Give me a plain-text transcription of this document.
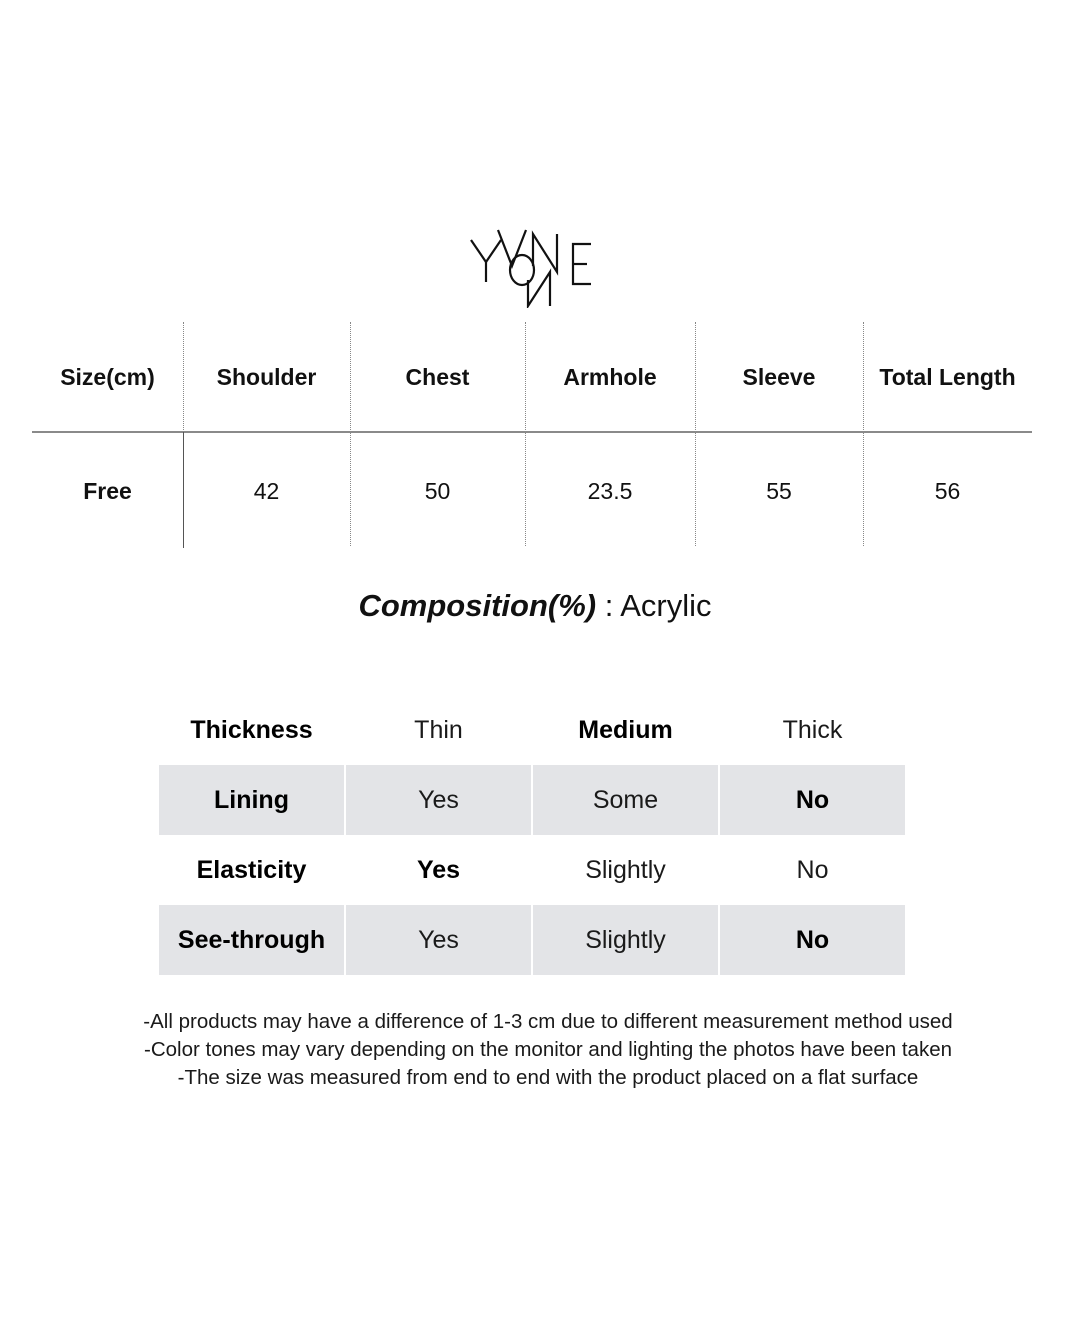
Size(cm)	Shoulder	Chest	Armhole	Sleeve	Total Length
Free	42	50	23.5	55	56
Composition(%) : Acrylic
Thickness	Thin	Medium	Thick
Lining	Yes	Some	No
Elasticity	Yes	Slightly	No
See-through	Yes	Slightly	No
-All products may have a difference of 1-3 cm due to different measurement method used
-Color tones may vary depending on the monitor and lighting the photos have been taken
-The size was measured from end to end with the product placed on a flat surface
